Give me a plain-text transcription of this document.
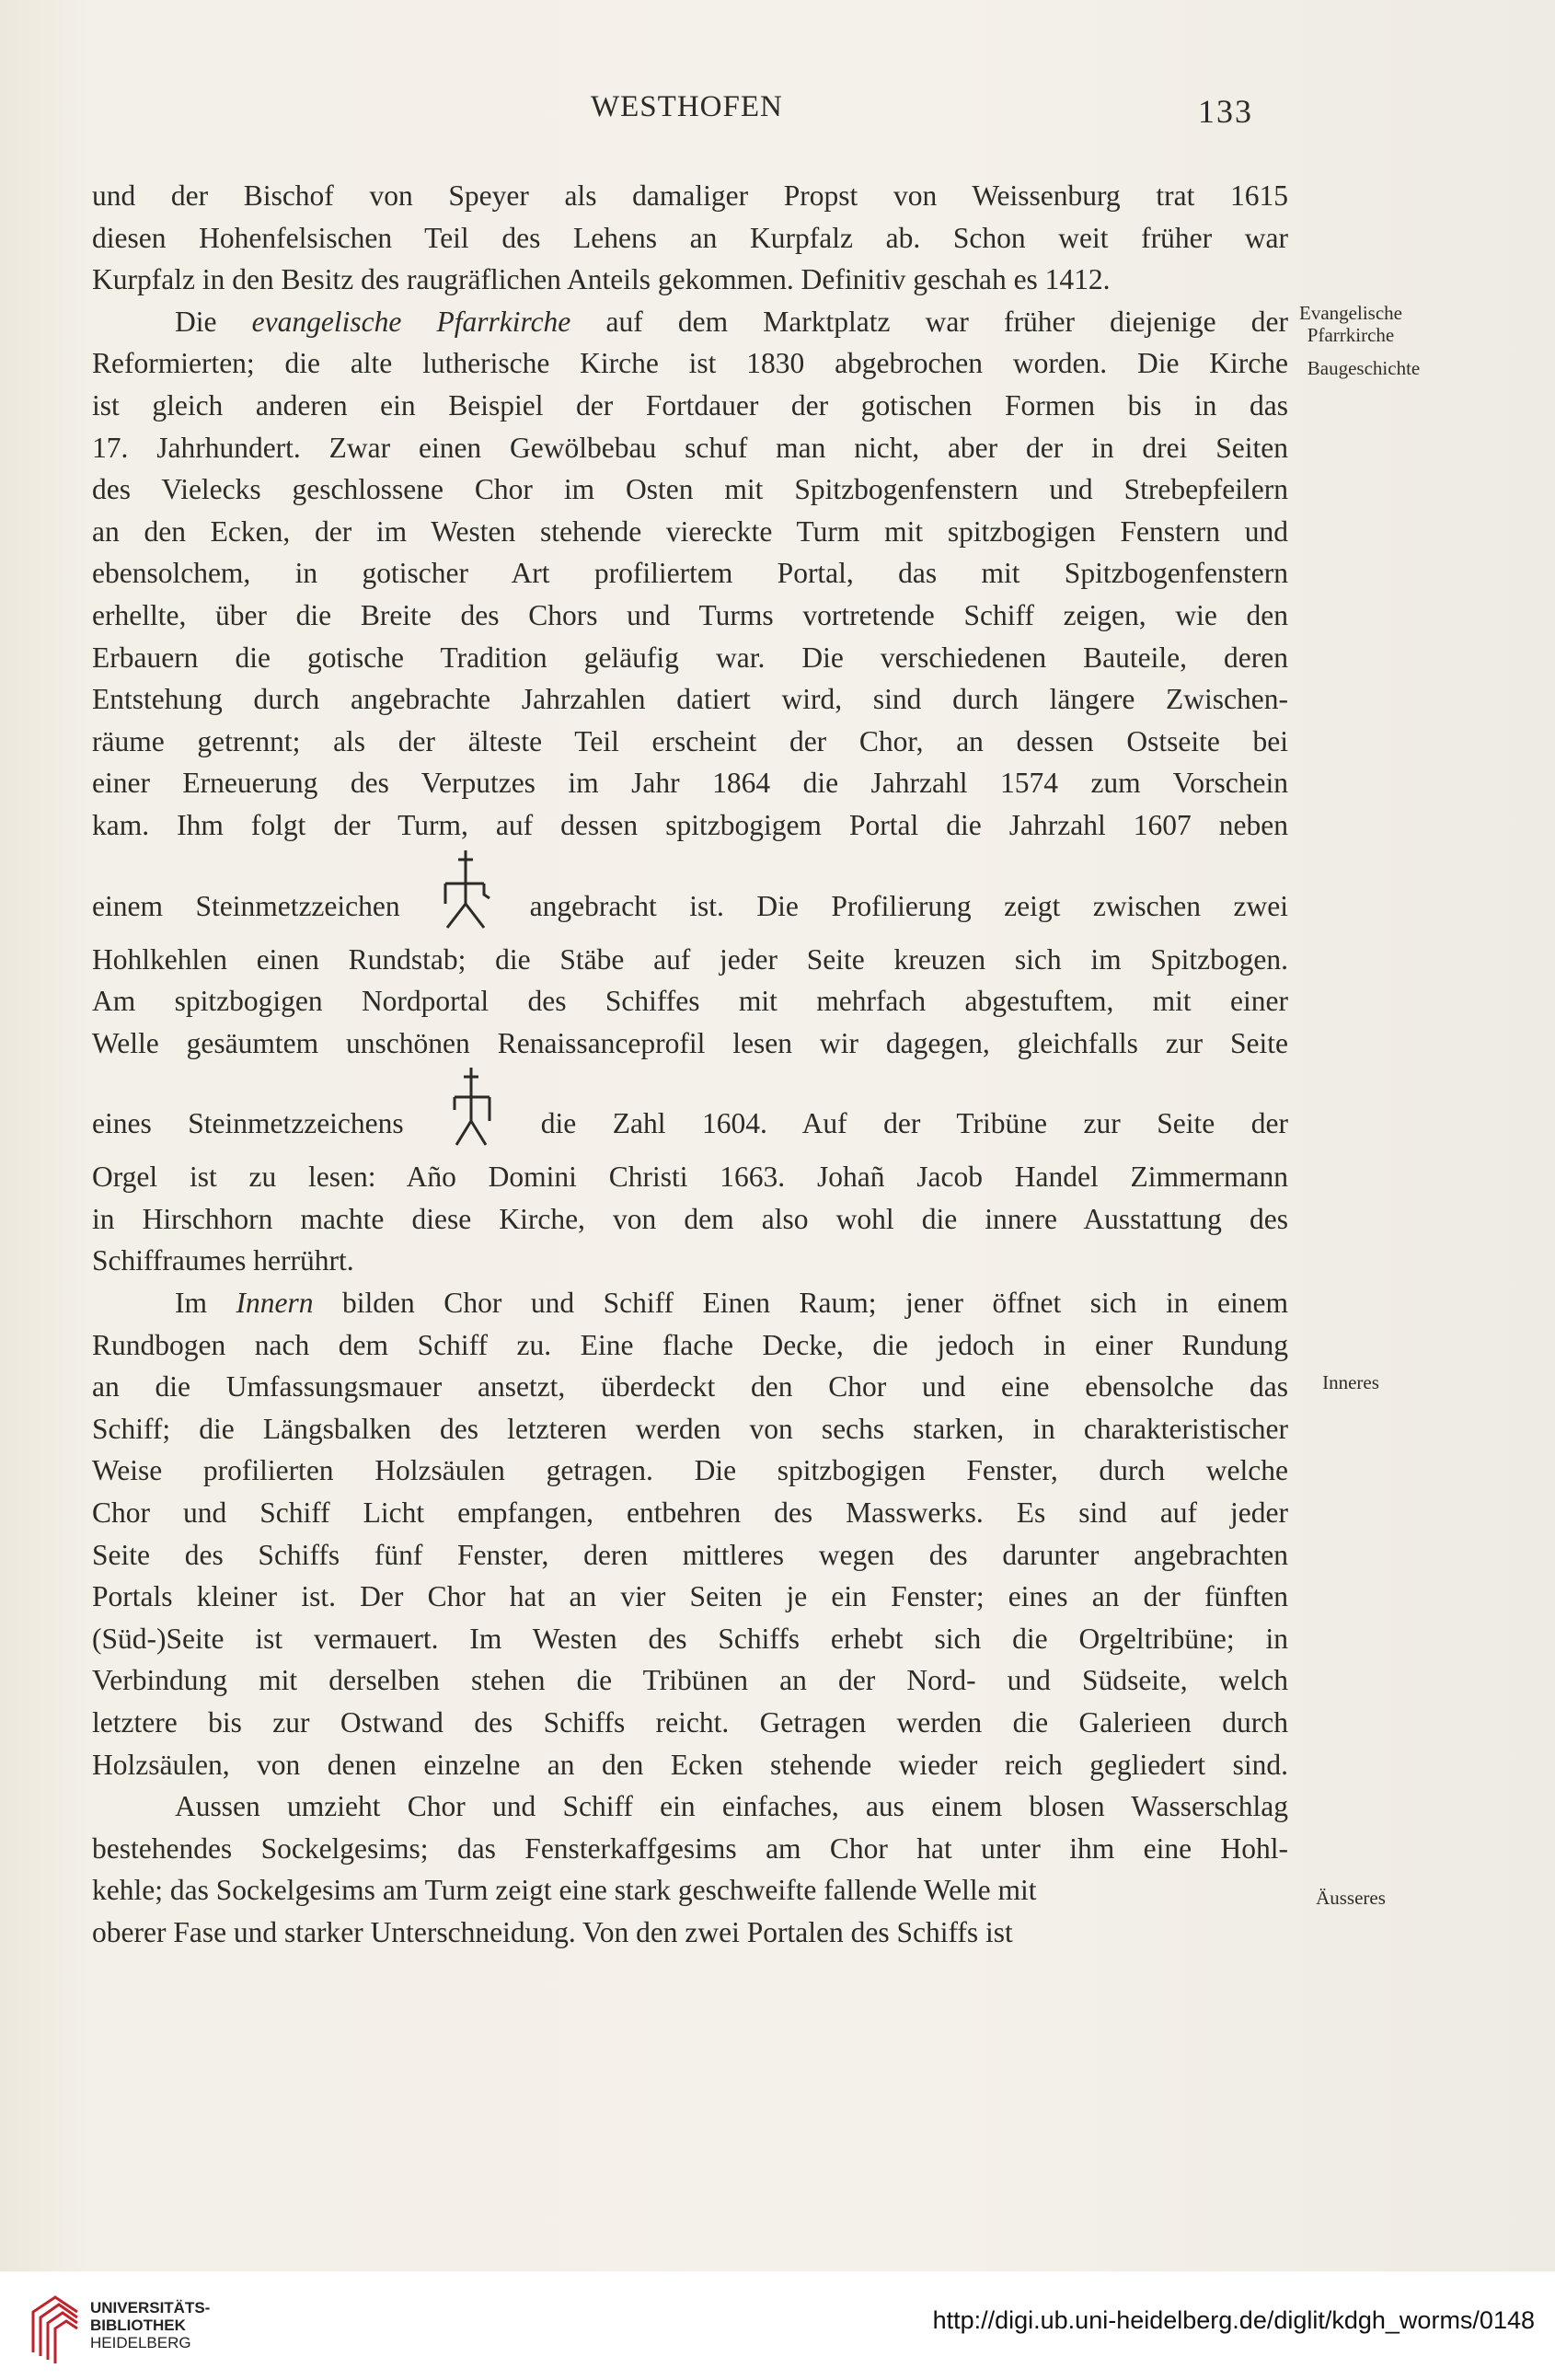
WESTHOFEN	133
und der Bischof von Speyer als damaliger Propst von Weissenburg trat 1615
diesen Hohenfelsischen Teil des Lehens an Kurpfalz ab. Schon weit früher war
Kurpfalz in den Besitz des raugräflichen Anteils gekommen. Definitiv geschah es 1412.
Die evangelische Pfarrkirche auf dem Marktplatz war früher diejenige der
Reformierten; die alte lutherische Kirche ist 1830 abgebrochen worden. Die Kirche
ist gleich anderen ein Beispiel der Fortdauer der gotischen Formen bis in das
17. Jahrhundert. Zwar einen Gewölbebau schuf man nicht, aber der in drei Seiten
des Vielecks geschlossene Chor im Osten mit Spitzbogenfenstern und Strebepfeilern
an den Ecken, der im Westen stehende viereckte Turm mit spitzbogigen Fenstern und
ebensolchem, in gotischer Art profiliertem Portal, das mit Spitzbogenfenstern
erhellte, über die Breite des Chors und Turms vortretende Schiff zeigen, wie den
Erbauern die gotische Tradition geläufig war. Die verschiedenen Bauteile, deren
Entstehung durch angebrachte Jahrzahlen datiert wird, sind durch längere Zwischen-
räume getrennt; als der älteste Teil erscheint der Chor, an dessen Ostseite bei
einer Erneuerung des Verputzes im Jahr 1864 die Jahrzahl 1574 zum Vorschein
kam. Ihm folgt der Turm, auf dessen spitzbogigem Portal die Jahrzahl 1607 neben
einem Steinmetzzeichen	angebracht ist. Die Profilierung zeigt zwischen zwei
Hohlkehlen einen Rundstab; die Stäbe auf jeder Seite kreuzen sich im Spitzbogen.
Am spitzbogigen Nordportal des Schiffes mit mehrfach abgestuftem, mit einer
Welle gesäumtem unschönen Renaissanceprofil lesen wir dagegen, gleichfalls zur Seite
eines Steinmetzzeichens	die Zahl 1604. Auf der Tribüne zur Seite der
Orgel ist zu lesen: Año Domini Christi 1663. Johañ Jacob Handel Zimmermann
in Hirschhorn machte diese Kirche, von dem also wohl die innere Ausstattung des
Schiffraumes herrührt.
Im Innern bilden Chor und Schiff Einen Raum; jener öffnet sich in einem
Rundbogen nach dem Schiff zu. Eine flache Decke, die jedoch in einer Rundung
an die Umfassungsmauer ansetzt, überdeckt den Chor und eine ebensolche das
Schiff; die Längsbalken des letzteren werden von sechs starken, in charakteristischer
Weise profilierten Holzsäulen getragen. Die spitzbogigen Fenster, durch welche
Chor und Schiff Licht empfangen, entbehren des Masswerks. Es sind auf jeder
Seite des Schiffs fünf Fenster, deren mittleres wegen des darunter angebrachten
Portals kleiner ist. Der Chor hat an vier Seiten je ein Fenster; eines an der fünften
(Süd-)Seite ist vermauert. Im Westen des Schiffs erhebt sich die Orgeltribüne; in
Verbindung mit derselben stehen die Tribünen an der Nord- und Südseite, welch
letztere bis zur Ostwand des Schiffs reicht. Getragen werden die Galerieen durch
Holzsäulen, von denen einzelne an den Ecken stehende wieder reich gegliedert sind.
Aussen umzieht Chor und Schiff ein einfaches, aus einem blosen Wasserschlag
bestehendes Sockelgesims; das Fensterkaffgesims am Chor hat unter ihm eine Hohl-
kehle; das Sockelgesims am Turm zeigt eine stark geschweifte fallende Welle mit
oberer Fase und starker Unterschneidung. Von den zwei Portalen des Schiffs ist
Evangelische Pfarrkirche
Baugeschichte
Inneres
Äusseres
UNIVERSITÄTS-
BIBLIOTHEK
HEIDELBERG
http://digi.ub.uni-heidelberg.de/diglit/kdgh_worms/0148
